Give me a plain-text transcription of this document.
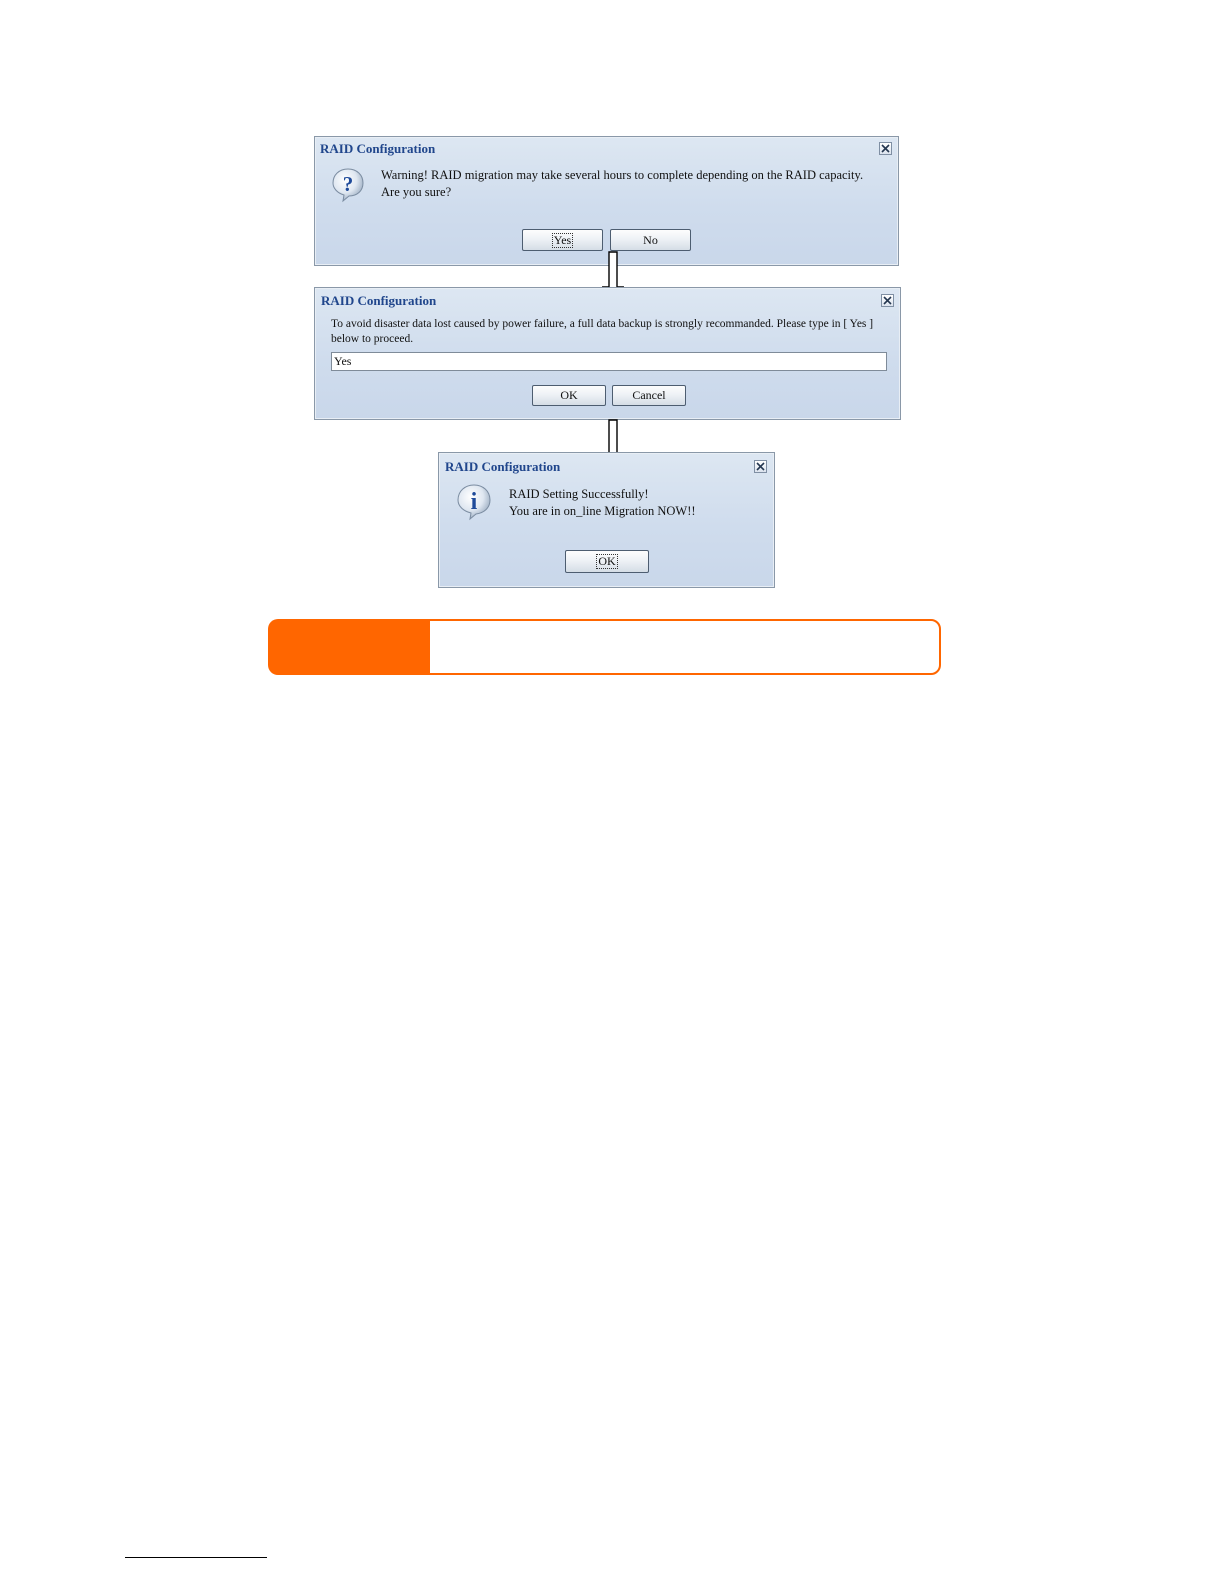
RAID Configuration
? Warning! RAID migration may take several hours to complete depending on the RAID capacity.
Are you sure?
Yes	No
RAID Configuration
To avoid disaster data lost caused by power failure, a full data backup is strongly recommanded. Please type in [ Yes ]
below to proceed.
Yes
OK	Cancel
RAID Configuration
i	RAID Setting Successfully!
You are in on_line Migration NOW!!
OK
